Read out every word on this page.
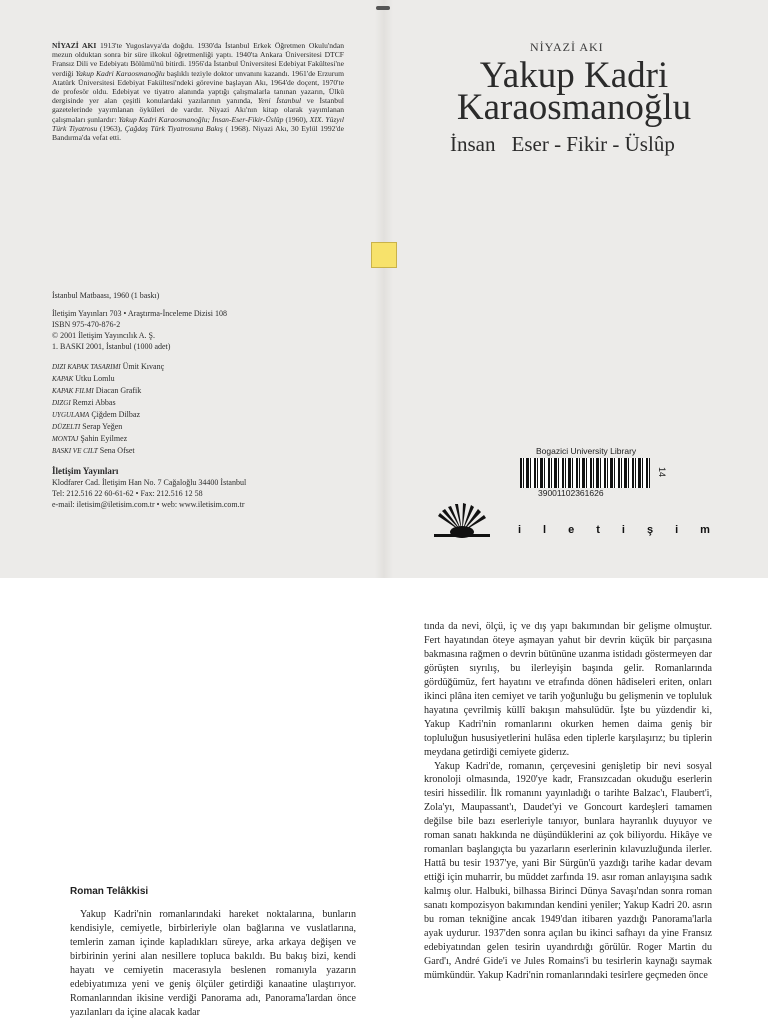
NİYAZİ AKI 1913'te Yugoslavya'da doğdu. 1930'da İstanbul Erkek Öğretmen Okulu'ndan mezun olduktan sonra bir süre ilkokul öğretmenliği yaptı. 1940'ta Ankara Üniversitesi DTCF Fransız Dili ve Edebiyatı Bölümü'nü bitirdi. 1956'da İstanbul Üniversitesi Edebiyat Fakültesi'ne verdiği Yakup Kadri Karaosmanoğlu başlıklı teziyle doktor unvanını kazandı. 1961'de Erzurum Atatürk Üniversitesi Edebiyat Fakültesi'ndeki görevine başlayan Akı, 1964'de doçent, 1970'te de profesör oldu. Edebiyat ve tiyatro alanında yaptığı çalışmalarla tanınan yazarın, Ülkü dergisinde yer alan çeşitli konulardaki yazılarının yanında, Yeni İstanbul ve İstanbul gazetelerinde yayımlanan öyküleri de vardır. Niyazi Akı'nın kitap olarak yayımlanan çalışmaları şunlardır: Yakup Kadri Karaosmanoğlu; İnsan-Eser-Fikir-Üslûp (1960), XIX. Yüzyıl Türk Tiyatrosu (1963), Çağdaş Türk Tiyatrosuna Bakış ( 1968). Niyazi Akı, 30 Eylül 1992'de Bandırma'da vefat etti.
NİYAZİ AKI
Yakup Kadri
Karaosmanoğlu
İnsan Eser - Fikir - Üslûp
İstanbul Matbaası, 1960 (1 baskı)
İletişim Yayınları 703 • Araştırma-İnceleme Dizisi 108
ISBN 975-470-876-2
© 2001 İletişim Yayıncılık A. Ş.
1. BASKI 2001, İstanbul (1000 adet)
DIZI KAPAK TASARIMI Ümit Kıvanç
KAPAK Utku Lomlu
KAPAK FILMI Diacan Grafik
DIZGI Remzi Abbas
UYGULAMA Çiğdem Dilbaz
DÜZELTI Serap Yeğen
MONTAJ Şahin Eyilmez
BASKI VE CILT Sena Ofset
İletişim Yayınları
Klodfarer Cad. İletişim Han No. 7 Cağaloğlu 34400 İstanbul
Tel: 212.516 22 60-61-62 • Fax: 212.516 12 58
e-mail: iletisim@iletisim.com.tr • web: www.iletisim.com.tr
Bogazici University Library
39001102361626
14
iletişim

tında da nevi, ölçü, iç ve dış yapı bakımından bir gelişme olmuştur. Fert hayatından öteye aşmayan yahut bir devrin küçük bir parçasına bakmasına rağmen o devrin bütününe uzanma istidadı göstermeyen dar görüşten sıyrılış, bu ilerleyişin başında gelir. Romanlarında gördüğümüz, fert hayatını ve etrafında dönen hâdiseleri eriten, onları ikinci plâna iten cemiyet ve tarih yoğunluğu bu gelişmenin ve topluluk hayatına çevrilmiş küllî bakışın mahsulüdür. İşte bu yüzdendir ki, Yakup Kadri'nin romanlarını okurken hemen daima geniş bir topluluğun hususiyetlerini hulâsa eden tiplerle karşılaşırız; bu tiplerin meydana getirdiği cemiyete giderız.

Yakup Kadri'de, romanın, çerçevesini genişletip bir nevi sosyal kronoloji olmasında, 1920'ye kadr, Fransızcadan okuduğu eserlerin tesiri hissedilir. İlk romanını yayınladığı o tarihte Balzac'ı, Flaubert'i, Zola'yı, Maupassant'ı, Daudet'yi ve Goncourt kardeşleri tamamen değilse bile bazı eserleriyle tanıyor, bunlara hayranlık duyuyor ve roman sanatı hakkında ne düşündüklerini az çok biliyordu. Hikâye ve romanları başlangıçta bu yazarların eserlerinin kılavuzluğunda ilerler. Hattâ bu tesir 1937'ye, yani Bir Sürgün'ü yazdığı tarihe kadar devam ettiği için muharrir, bu müddet zarfında 19. asır roman anlayışına sadık kalmış olur. Halbuki, bilhassa Birinci Dünya Savaşı'ndan sonra roman sanatı kompozisyon bakımından kendini yeniler; Yakup Kadri 20. asrın bu roman tekniğine ancak 1949'dan itibaren yazdığı Panorama'larla ayak uydurur. 1937'den sonra açılan bu ikinci safhayı da yine Fransız edebiyatından gelen tesirin uyandırdığı görülür. Roger Martin du Gard'ı, André Gide'i ve Jules Romains'i bu tesirlerin kaynağı saymak mümkündür. Yakup Kadri'nin romanlarındaki tesirlere geçmeden önce

Roman Telâkkisi

Yakup Kadri'nin romanlarındaki hareket noktalarına, bunların kendisiyle, cemiyetle, birbirleriyle olan bağlarına ve vuslatlarına, temlerin zaman içinde kapladıkları süreye, arka arkaya değişen ve birbirinin yerini alan nesillere topluca bakıldı. Bu bakış bizi, kendi hayatı ve cemiyetin macerasıyla beslenen romanıyla yazarın edebiyatımıza yeni ve geniş ölçüler getirdiği kanaatine ulaştırıyor. Romanlarından ikisine verdiği Panorama adı, Panorama'lardan önce yazılanları da içine alacak kadar
